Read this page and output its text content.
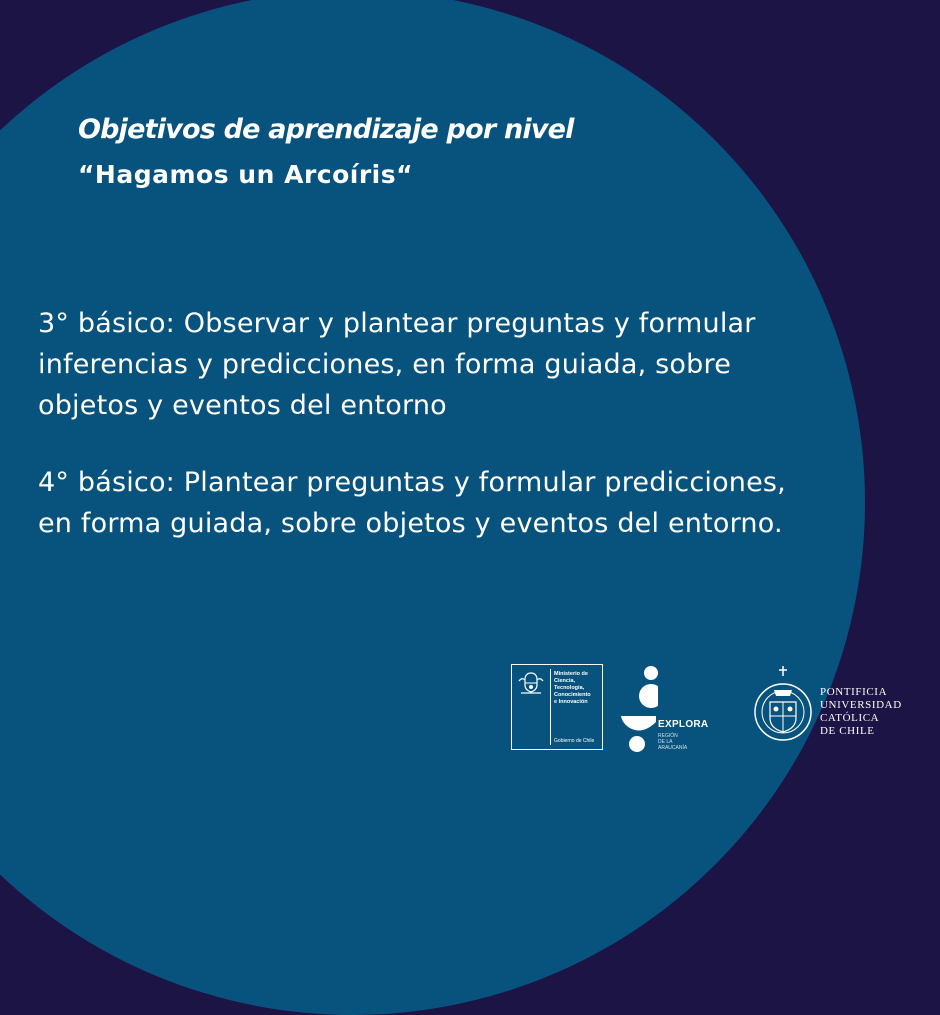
Objetivos de aprendizaje por nivel
“Hagamos un Arcoíris“
3° básico: Observar y plantear preguntas y formular inferencias y predicciones, en forma guiada, sobre objetos y eventos del entorno
4° básico: Plantear preguntas y formular predicciones, en forma guiada, sobre objetos y eventos del entorno.
Ministerio de
Ciencia,
Tecnología,
Conocimiento
e Innovación
Gobierno de Chile
EXPLORA
REGIÓN
DE LA
ARAUCANÍA
PONTIFICIA
UNIVERSIDAD
CATÓLICA
DE CHILE
